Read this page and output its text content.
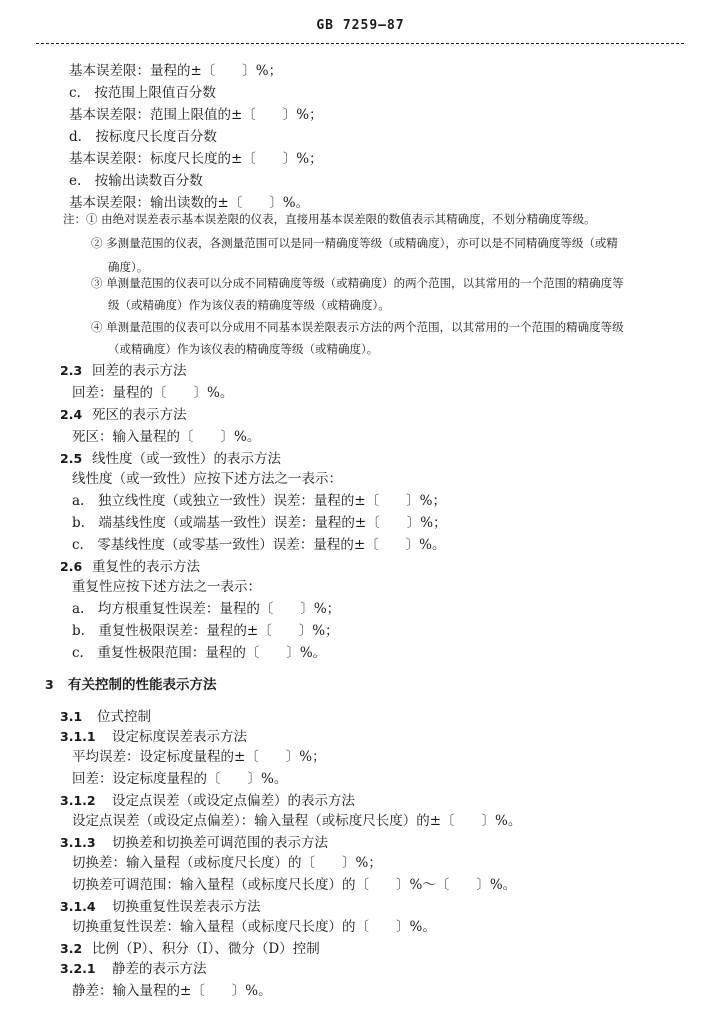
GB 7259—87
基本误差限：量程的±〔　　〕%；
c.　按范围上限值百分数
基本误差限：范围上限值的±〔　　〕%；
d.　按标度尺长度百分数
基本误差限：标度尺长度的±〔　　〕%；
e.　按输出读数百分数
基本误差限：输出读数的±〔　　〕%。
注：① 由绝对误差表示基本误差限的仪表，直接用基本误差限的数值表示其精确度，不划分精确度等级。
② 多测量范围的仪表，各测量范围可以是同一精确度等级（或精确度），亦可以是不同精确度等级（或精
确度）。
③ 单测量范围的仪表可以分成不同精确度等级（或精确度）的两个范围，以其常用的一个范围的精确度等
级（或精确度）作为该仪表的精确度等级（或精确度）。
④ 单测量范围的仪表可以分成用不同基本误差限表示方法的两个范围，以其常用的一个范围的精确度等级
（或精确度）作为该仪表的精确度等级（或精确度）。
2.3 回差的表示方法
回差：量程的〔　　〕%。
2.4 死区的表示方法
死区：输入量程的〔　　〕%。
2.5 线性度（或一致性）的表示方法
线性度（或一致性）应按下述方法之一表示：
a.　独立线性度（或独立一致性）误差：量程的±〔　　〕%；
b.　端基线性度（或端基一致性）误差：量程的±〔　　〕%；
c.　零基线性度（或零基一致性）误差：量程的±〔　　〕%。
2.6 重复性的表示方法
重复性应按下述方法之一表示：
a.　均方根重复性误差：量程的〔　　〕%；
b.　重复性极限误差：量程的±〔　　〕%；
c.　重复性极限范围：量程的〔　　〕%。
3 有关控制的性能表示方法
3.1 位式控制
3.1.1 设定标度误差表示方法
平均误差：设定标度量程的±〔　　〕%；
回差：设定标度量程的〔　　〕%。
3.1.2 设定点误差（或设定点偏差）的表示方法
设定点误差（或设定点偏差）：输入量程（或标度尺长度）的±〔　　〕%。
3.1.3 切换差和切换差可调范围的表示方法
切换差：输入量程（或标度尺长度）的〔　　〕%；
切换差可调范围：输入量程（或标度尺长度）的〔　　〕%～〔　　〕%。
3.1.4 切换重复性误差表示方法
切换重复性误差：输入量程（或标度尺长度）的〔　　〕%。
3.2 比例（P）、积分（I）、微分（D）控制
3.2.1 静差的表示方法
静差：输入量程的±〔　　〕%。
